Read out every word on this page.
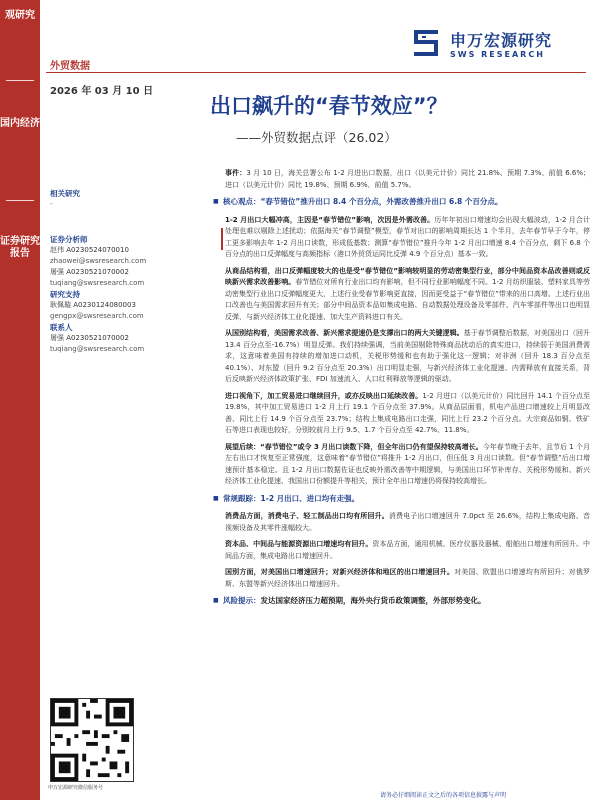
观研究
国内经济
证券研究报告
外贸数据
2026 年 03 月 10 日
申万宏源研究
SWS RESEARCH
出口飙升的“春节效应”？
——外贸数据点评（26.02）
相关研究
-
证券分析师
赵伟 A0230524070010
zhaowei@swsresearch.com
屠强 A0230521070002
tuqiang@swsresearch.com
研究支持
耿佩璇 A0230124080003
gengpx@swsresearch.com
联系人
屠强 A0230521070002
tuqiang@swsresearch.com
事件：3 月 10 日，海关总署公布 1-2 月进出口数据，出口（以美元计价）同比 21.8%、预期 7.3%、前值 6.6%；进口（以美元计价）同比 19.8%、预期 6.9%、前值 5.7%。
■ 核心观点：“春节错位”推升出口 8.4 个百分点，外需改善推升出口 6.8 个百分点。
1-2 月出口大幅冲高，主因是“春节错位”影响，次因是外需改善。历年年初出口增速均会出现大幅波动，1-2 月合计处理也难以剔除上述扰动；依据海关“春节调整”模型，春节对出口的影响周期长达 1 个半月，去年春节早于今年，停工更多影响去年 1-2 月出口读数，形成低基数；测算“春节错位”推升今年 1-2 月出口增速 8.4 个百分点，剩下 6.8 个百分点的出口反弹幅度与高频指标（港口外贸货运同比反弹 4.9 个百分点）基本一致。
从商品结构看，出口反弹幅度较大的也是受“春节错位”影响较明显的劳动密集型行业，部分中间品资本品改善则或反映新兴需求改善影响。春节错位对所有行业出口均有影响，但不同行业影响幅度不同。1-2 月纺织服装、塑料家具等劳动密集型行业出口反弹幅度更大，上述行业受春节影响更直接，因而更受益于“春节错位”带来的出口高增。上述行业出口改善也与美国需求回升有关；部分中间品资本品如集成电路、自动数据处理设备及零部件、汽车零部件等出口也明显反弹，与新兴经济体工业化提速、加大生产资料进口有关。
从国别结构看，美国需求改善、新兴需求提速仍是支撑出口的两大关键逻辑。基于春节调整后数据，对美国出口（回升 13.4 百分点至-16.7%）明显反弹。我们持续强调，当前美国剔除特殊商品扰动后的真实进口，持续弱于美国消费需求，这意味着美国有持续的增加进口动机，关税形势缓和也有助于强化这一逻辑；对非洲（回升 18.3 百分点至 40.1%）、对东盟（回升 9.2 百分点至 20.3%）出口明显走强，与新兴经济体工业化提速、内需释放有直接关系，背后反映新兴经济体政策扩张、FDI 加速流入、人口红利释放等逻辑的驱动。
进口视角下，加工贸易进口继续回升，或亦反映出口延续改善。1-2 月进口（以美元计价）同比回升 14.1 个百分点至 19.8%，其中加工贸易进口 1-2 月上行 19.1 个百分点至 37.9%。从商品层面看，机电产品进口增速较上月明显改善、同比上行 14.9 个百分点至 23.7%；结构上集成电路出口走强，同比上行 23.2 个百分点。大宗商品如铜、铁矿石等进口表现也较好，分别较前月上行 9.5、1.7 个百分点至 42.7%、11.8%。
展望后续：“春节错位”或令 3 月出口读数下降，但全年出口仍有望保持较高增长。今年春节晚于去年，且节后 1 个月左右出口才恢复至正常强度，这意味着“春节错位”将推升 1-2 月出口，但压低 3 月出口读数。但“春节调整”后出口增速预计基本稳定。且 1-2 月出口数据佐证也反映外需改善等中期逻辑，与美国出口环节补库存、关税形势缓和、新兴经济体工业化提速、我国出口份额提升等相关，预计全年出口增速仍将保持较高增长。
■ 常规跟踪：1-2 月出口、进口均有走强。
消费品方面，消费电子、轻工制品出口均有所回升。消费电子出口增速回升 7.0pct 至 26.6%，结构上集成电路、音视频设备及其零件涨幅较大。
资本品、中间品与能源资源出口增速均有回升。资本品方面，通用机械、医疗仪器及器械、船舶出口增速有所回升。中间品方面，集成电路出口增速回升。
国别方面，对美国出口增速回升；对新兴经济体和地区的出口增速回升。对美国、欧盟出口增速均有所回升；对俄罗斯、东盟等新兴经济体出口增速回升。
■ 风险提示：发达国家经济压力超预期，海外央行货币政策调整，外部形势变化。
申万宏源研究微信服务号
请务必仔细阅读正文之后的各项信息披露与声明
